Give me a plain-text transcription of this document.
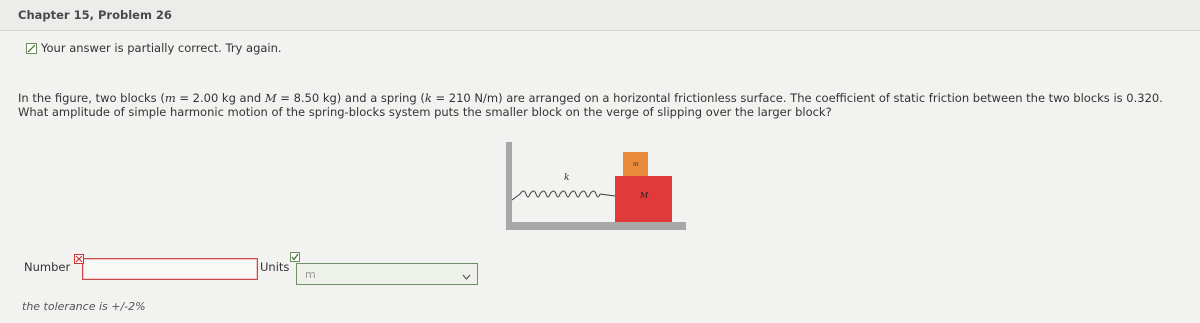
Chapter 15, Problem 26
Your answer is partially correct. Try again.
In the figure, two blocks (m = 2.00 kg and M = 8.50 kg) and a spring (k = 210 N/m) are arranged on a horizontal frictionless surface. The coefficient of static friction between the two blocks is 0.320. What amplitude of simple harmonic motion of the spring-blocks system puts the smaller block on the verge of slipping over the larger block?
k
M
m
Number	Units m
the tolerance is +/-2%
